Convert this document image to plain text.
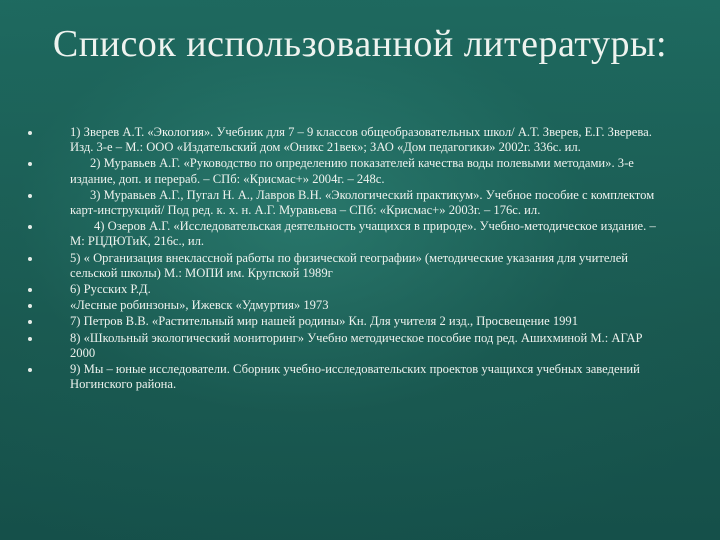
Список использованной литературы:
1) Зверев А.Т. «Экология». Учебник для 7 – 9 классов общеобразовательных школ/ А.Т. Зверев, Е.Г. Зверева. Изд. 3-е – М.: ООО «Издательский дом «Оникс 21век»; ЗАО «Дом педагогики» 2002г. 336с. ил.
2) Муравьев А.Г. «Руководство по определению показателей качества воды полевыми методами». 3-е издание, доп. и перераб. – СПб: «Крисмас+» 2004г. – 248с.
3) Муравьев А.Г., Пугал Н. А., Лавров В.Н. «Экологический практикум». Учебное пособие с комплектом карт-инструкций/ Под ред. к. х. н. А.Г. Муравьева – СПб: «Крисмас+» 2003г. – 176с. ил.
4) Озеров А.Г. «Исследовательская деятельность учащихся в природе». Учебно-методическое издание. –М: РЦДЮТиК, 216с., ил.
5) « Организация внеклассной работы по физической географии» (методические указания для учителей сельской школы) М.: МОПИ им. Крупской 1989г
6) Русских Р.Д.
«Лесные робинзоны», Ижевск «Удмуртия» 1973
7) Петров В.В. «Растительный мир нашей родины» Кн. Для учителя 2 изд., Просвещение 1991
8) «Школьный экологический мониторинг» Учебно методическое пособие под ред. Ашихминой М.: АГАР 2000
9) Мы – юные исследователи. Сборник учебно-исследовательских проектов учащихся учебных заведений Ногинского района.
